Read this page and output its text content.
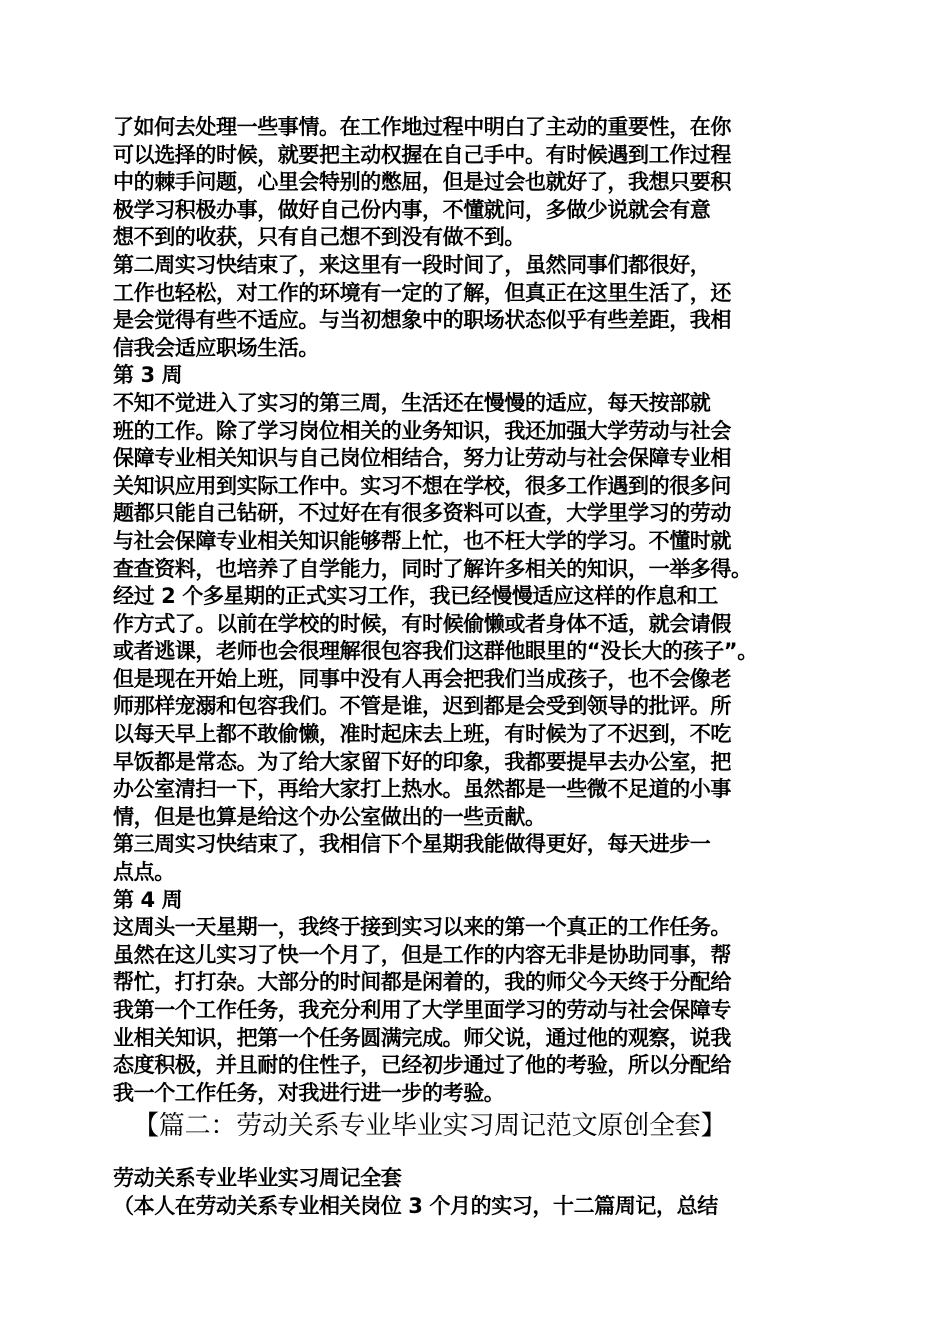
了如何去处理一些事情。在工作地过程中明白了主动的重要性，在你
可以选择的时候，就要把主动权握在自己手中。有时候遇到工作过程
中的棘手问题，心里会特别的憋屈，但是过会也就好了，我想只要积
极学习积极办事，做好自己份内事，不懂就问，多做少说就会有意
想不到的收获，只有自己想不到没有做不到。
第二周实习快结束了，来这里有一段时间了，虽然同事们都很好，
工作也轻松，对工作的环境有一定的了解，但真正在这里生活了，还
是会觉得有些不适应。与当初想象中的职场状态似乎有些差距，我相
信我会适应职场生活。
第 3 周
不知不觉进入了实习的第三周，生活还在慢慢的适应，每天按部就
班的工作。除了学习岗位相关的业务知识，我还加强大学劳动与社会
保障专业相关知识与自己岗位相结合，努力让劳动与社会保障专业相
关知识应用到实际工作中。实习不想在学校，很多工作遇到的很多问
题都只能自己钻研，不过好在有很多资料可以查，大学里学习的劳动
与社会保障专业相关知识能够帮上忙，也不枉大学的学习。不懂时就
查查资料，也培养了自学能力，同时了解许多相关的知识，一举多得。
经过 2 个多星期的正式实习工作，我已经慢慢适应这样的作息和工
作方式了。以前在学校的时候，有时候偷懒或者身体不适，就会请假
或者逃课，老师也会很理解很包容我们这群他眼里的“没长大的孩子”。
但是现在开始上班，同事中没有人再会把我们当成孩子，也不会像老
师那样宠溺和包容我们。不管是谁，迟到都是会受到领导的批评。所
以每天早上都不敢偷懒，准时起床去上班，有时候为了不迟到，不吃
早饭都是常态。为了给大家留下好的印象，我都要提早去办公室，把
办公室清扫一下，再给大家打上热水。虽然都是一些微不足道的小事
情，但是也算是给这个办公室做出的一些贡献。
第三周实习快结束了，我相信下个星期我能做得更好，每天进步一
点点。
第 4 周
这周头一天星期一，我终于接到实习以来的第一个真正的工作任务。
虽然在这儿实习了快一个月了，但是工作的内容无非是协助同事，帮
帮忙，打打杂。大部分的时间都是闲着的，我的师父今天终于分配给
我第一个工作任务，我充分利用了大学里面学习的劳动与社会保障专
业相关知识，把第一个任务圆满完成。师父说，通过他的观察，说我
态度积极，并且耐的住性子，已经初步通过了他的考验，所以分配给
我一个工作任务，对我进行进一步的考验。
【篇二：劳动关系专业毕业实习周记范文原创全套】
劳动关系专业毕业实习周记全套
（本人在劳动关系专业相关岗位 3 个月的实习，十二篇周记，总结
